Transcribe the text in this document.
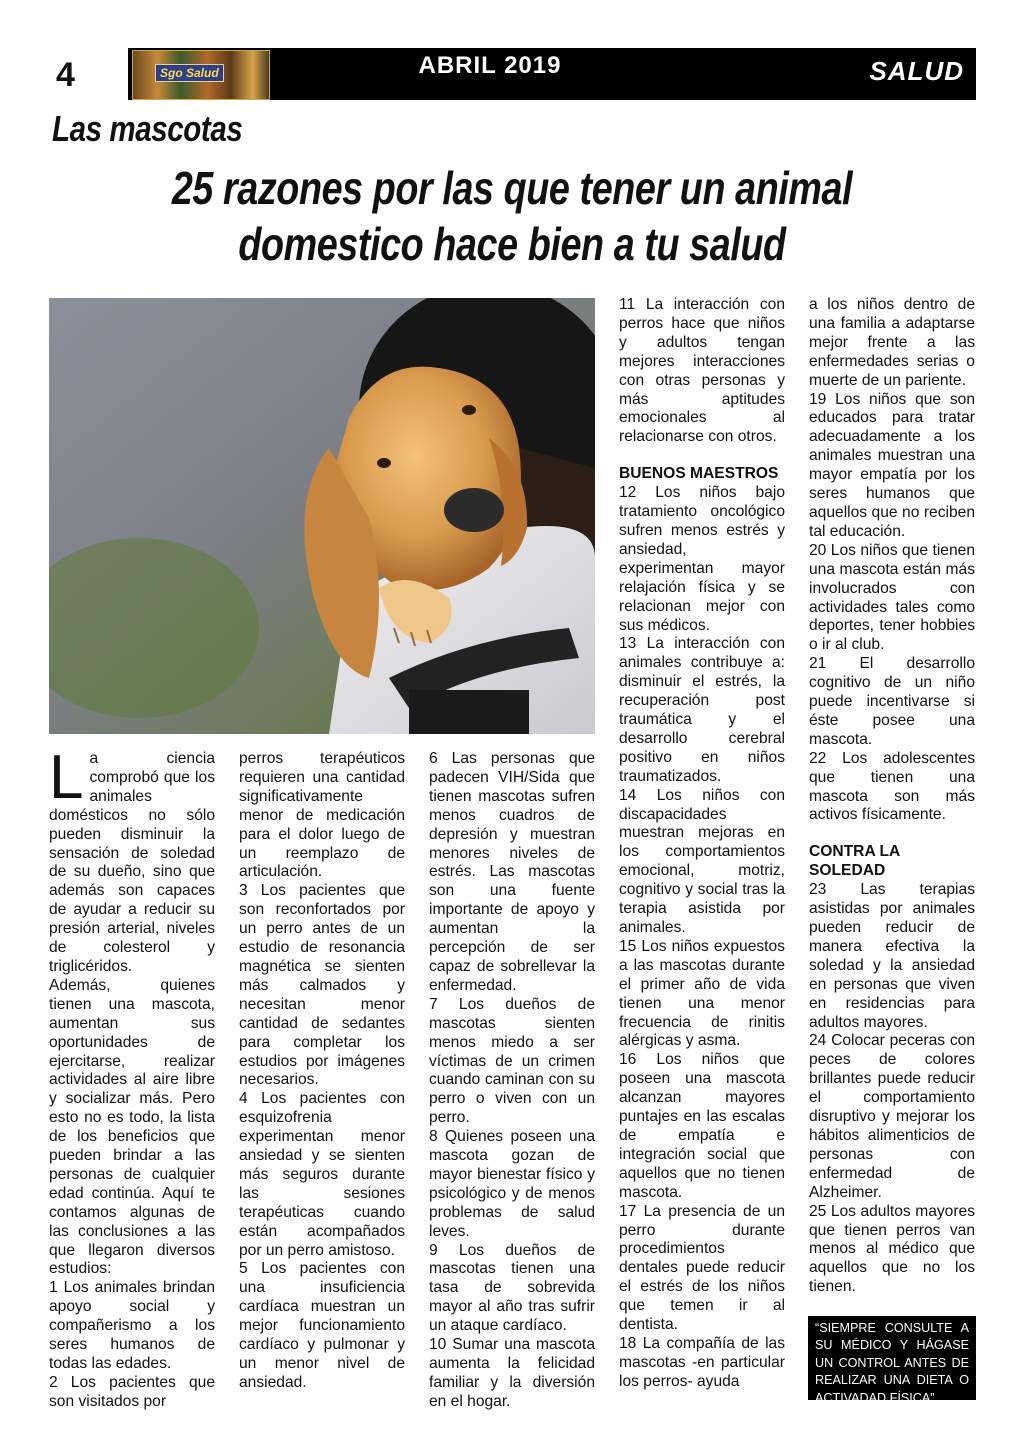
4	Sgo Salud	ABRIL 2019	SALUD
Las mascotas
25 razones por las que tener un animal domestico hace bien a tu salud

La ciencia comprobó que los animales domésticos no sólo pueden disminuir la sensación de soledad de su dueño, sino que además son capaces de ayudar a reducir su presión arterial, niveles de colesterol y triglicéridos.

Además, quienes tienen una mascota, aumentan sus oportunidades de ejercitarse, realizar actividades al aire libre y socializar más. Pero esto no es todo, la lista de los beneficios que pueden brindar a las personas de cualquier edad continúa. Aquí te contamos algunas de las conclusiones a las que llegaron diversos estudios:

1 Los animales brindan apoyo social y compañerismo a los seres humanos de todas las edades.

2 Los pacientes que son visitados por

perros terapéuticos requieren una cantidad significativamente menor de medicación para el dolor luego de un reemplazo de articulación.

3 Los pacientes que son reconfortados por un perro antes de un estudio de resonancia magnética se sienten más calmados y necesitan menor cantidad de sedantes para completar los estudios por imágenes necesarios.

4 Los pacientes con esquizofrenia experimentan menor ansiedad y se sienten más seguros durante las sesiones terapéuticas cuando están acompañados por un perro amistoso.

5 Los pacientes con una insuficiencia cardíaca muestran un mejor funcionamiento cardíaco y pulmonar y un menor nivel de ansiedad.

6 Las personas que padecen VIH/Sida que tienen mascotas sufren menos cuadros de depresión y muestran menores niveles de estrés. Las mascotas son una fuente importante de apoyo y aumentan la percepción de ser capaz de sobrellevar la enfermedad.

7 Los dueños de mascotas sienten menos miedo a ser víctimas de un crimen cuando caminan con su perro o viven con un perro.

8 Quienes poseen una mascota gozan de mayor bienestar físico y psicológico y de menos problemas de salud leves.

9 Los dueños de mascotas tienen una tasa de sobrevida mayor al año tras sufrir un ataque cardíaco.

10 Sumar una mascota aumenta la felicidad familiar y la diversión en el hogar.

11 La interacción con perros hace que niños y adultos tengan mejores interacciones con otras personas y más aptitudes emocionales al relacionarse con otros.

BUENOS MAESTROS

12 Los niños bajo tratamiento oncológico sufren menos estrés y ansiedad, experimentan mayor relajación física y se relacionan mejor con sus médicos.

13 La interacción con animales contribuye a: disminuir el estrés, la recuperación post traumática y el desarrollo cerebral positivo en niños traumatizados.

14 Los niños con discapacidades muestran mejoras en los comportamientos emocional, motriz, cognitivo y social tras la terapia asistida por animales.

15 Los niños expuestos a las mascotas durante el primer año de vida tienen una menor frecuencia de rinitis alérgicas y asma.

16 Los niños que poseen una mascota alcanzan mayores puntajes en las escalas de empatía e integración social que aquellos que no tienen mascota.

17 La presencia de un perro durante procedimientos dentales puede reducir el estrés de los niños que temen ir al dentista.

18 La compañía de las mascotas -en particular los perros- ayuda

a los niños dentro de una familia a adaptarse mejor frente a las enfermedades serias o muerte de un pariente.

19 Los niños que son educados para tratar adecuadamente a los animales muestran una mayor empatía por los seres humanos que aquellos que no reciben tal educación.

20 Los niños que tienen una mascota están más involucrados con actividades tales como deportes, tener hobbies o ir al club.

21 El desarrollo cognitivo de un niño puede incentivarse si éste posee una mascota.

22 Los adolescentes que tienen una mascota son más activos físicamente.

CONTRA LA SOLEDAD

23 Las terapias asistidas por animales pueden reducir de manera efectiva la soledad y la ansiedad en personas que viven en residencias para adultos mayores.

24 Colocar peceras con peces de colores brillantes puede reducir el comportamiento disruptivo y mejorar los hábitos alimenticios de personas con enfermedad de Alzheimer.

25 Los adultos mayores que tienen perros van menos al médico que aquellos que no los tienen.

“SIEMPRE CONSULTE A SU MÉDICO Y HÁGASE UN CONTROL ANTES DE REALIZAR UNA DIETA O ACTIVADAD FÍSICA”
